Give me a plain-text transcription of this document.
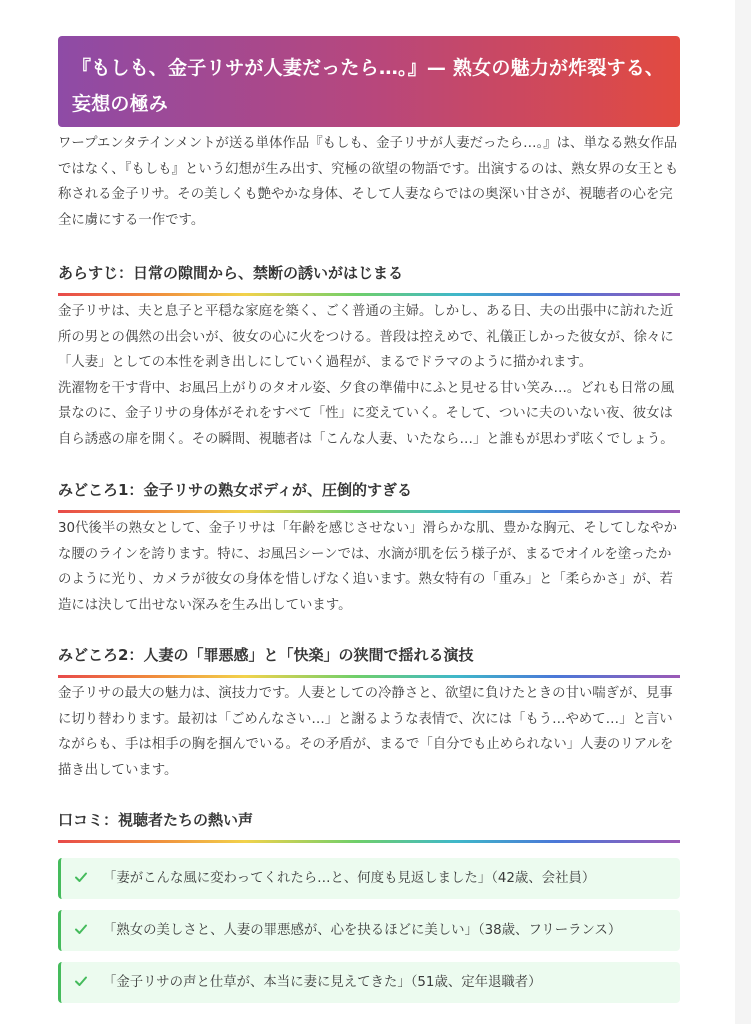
『もしも、金子リサが人妻だったら…。』— 熟女の魅力が炸裂する、妄想の極み

ワープエンタテインメントが送る単体作品『もしも、金子リサが人妻だったら…。』は、単なる熟女作品ではなく、『もしも』という幻想が生み出す、究極の欲望の物語です。出演するのは、熟女界の女王とも称される金子リサ。その美しくも艶やかな身体、そして人妻ならではの奥深い甘さが、視聴者の心を完全に虜にする一作です。

あらすじ：日常の隙間から、禁断の誘いがはじまる

金子リサは、夫と息子と平穏な家庭を築く、ごく普通の主婦。しかし、ある日、夫の出張中に訪れた近所の男との偶然の出会いが、彼女の心に火をつける。普段は控えめで、礼儀正しかった彼女が、徐々に「人妻」としての本性を剥き出しにしていく過程が、まるでドラマのように描かれます。

洗濯物を干す背中、お風呂上がりのタオル姿、夕食の準備中にふと見せる甘い笑み…。どれも日常の風景なのに、金子リサの身体がそれをすべて「性」に変えていく。そして、ついに夫のいない夜、彼女は自ら誘惑の扉を開く。その瞬間、視聴者は「こんな人妻、いたなら…」と誰もが思わず呟くでしょう。

みどころ1：金子リサの熟女ボディが、圧倒的すぎる

30代後半の熟女として、金子リサは「年齢を感じさせない」滑らかな肌、豊かな胸元、そしてしなやかな腰のラインを誇ります。特に、お風呂シーンでは、水滴が肌を伝う様子が、まるでオイルを塗ったかのように光り、カメラが彼女の身体を惜しげなく追います。熟女特有の「重み」と「柔らかさ」が、若造には決して出せない深みを生み出しています。

みどころ2：人妻の「罪悪感」と「快楽」の狭間で揺れる演技

金子リサの最大の魅力は、演技力です。人妻としての冷静さと、欲望に負けたときの甘い喘ぎが、見事に切り替わります。最初は「ごめんなさい…」と謝るような表情で、次には「もう…やめて…」と言いながらも、手は相手の胸を掴んでいる。その矛盾が、まるで「自分でも止められない」人妻のリアルを描き出しています。

口コミ：視聴者たちの熱い声
「妻がこんな風に変わってくれたら…と、何度も見返しました」（42歳、会社員）
「熟女の美しさと、人妻の罪悪感が、心を抉るほどに美しい」（38歳、フリーランス）
「金子リサの声と仕草が、本当に妻に見えてきた」（51歳、定年退職者）
